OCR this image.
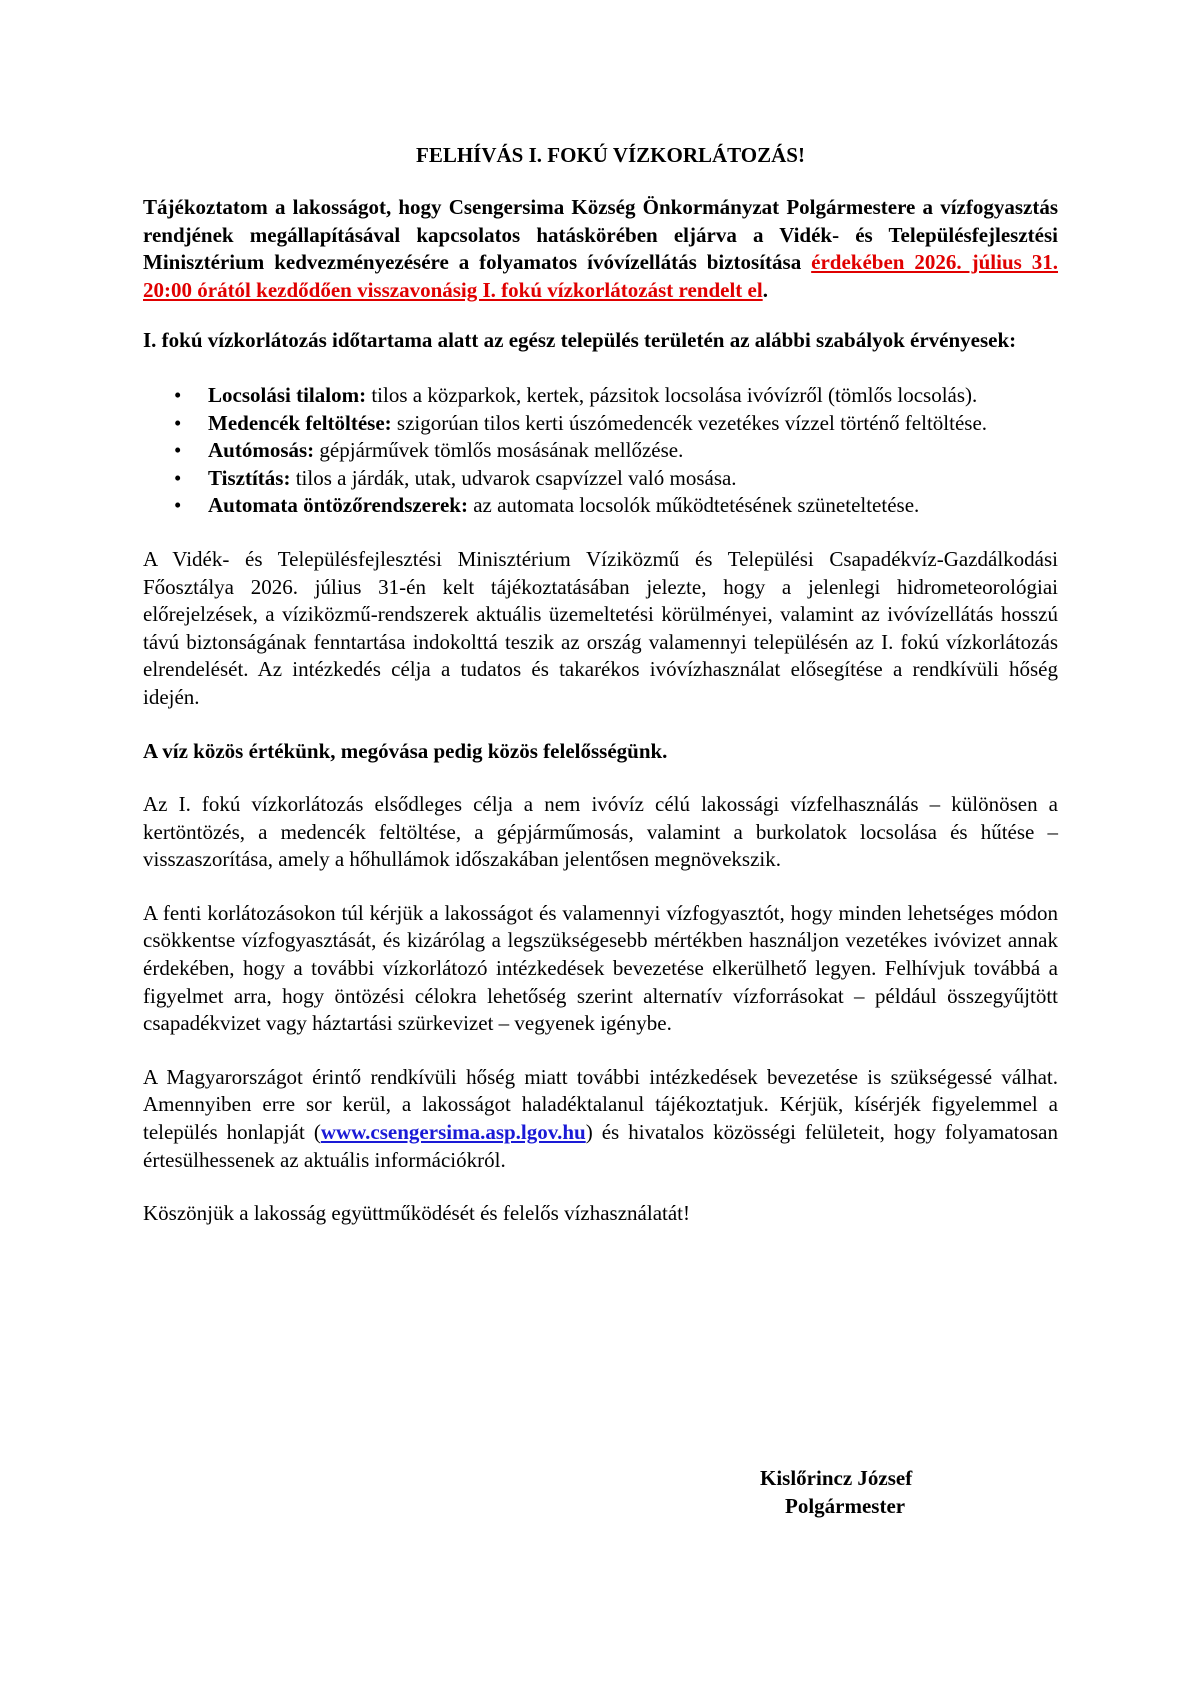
FELHÍVÁS I. FOKÚ VÍZKORLÁTOZÁS!

Tájékoztatom a lakosságot, hogy Csengersima Község Önkormányzat Polgármestere a vízfogyasztás rendjének megállapításával kapcsolatos hatáskörében eljárva a Vidék- és Településfejlesztési Minisztérium kedvezményezésére a folyamatos ívóvízellátás biztosítása érdekében 2026. július 31. 20:00 órától kezdődően visszavonásig I. fokú vízkorlátozást rendelt el.

I. fokú vízkorlátozás időtartama alatt az egész település területén az alábbi szabályok érvényesek:

• Locsolási tilalom: tilos a közparkok, kertek, pázsitok locsolása ivóvízről (tömlős locsolás).
• Medencék feltöltése: szigorúan tilos kerti úszómedencék vezetékes vízzel történő feltöltése.
• Autómosás: gépjárművek tömlős mosásának mellőzése.
• Tisztítás: tilos a járdák, utak, udvarok csapvízzel való mosása.
• Automata öntözőrendszerek: az automata locsolók működtetésének szüneteltetése.

A Vidék- és Településfejlesztési Minisztérium Víziközmű és Települési Csapadékvíz-Gazdálkodási Főosztálya 2026. július 31-én kelt tájékoztatásában jelezte, hogy a jelenlegi hidrometeorológiai előrejelzések, a víziközmű-rendszerek aktuális üzemeltetési körülményei, valamint az ivóvízellátás hosszú távú biztonságának fenntartása indokolttá teszik az ország valamennyi településén az I. fokú vízkorlátozás elrendelését. Az intézkedés célja a tudatos és takarékos ivóvízhasználat elősegítése a rendkívüli hőség idején.

A víz közös értékünk, megóvása pedig közös felelősségünk.

Az I. fokú vízkorlátozás elsődleges célja a nem ivóvíz célú lakossági vízfelhasználás – különösen a kertöntözés, a medencék feltöltése, a gépjárműmosás, valamint a burkolatok locsolása és hűtése – visszaszorítása, amely a hőhullámok időszakában jelentősen megnövekszik.

A fenti korlátozásokon túl kérjük a lakosságot és valamennyi vízfogyasztót, hogy minden lehetséges módon csökkentse vízfogyasztását, és kizárólag a legszükségesebb mértékben használjon vezetékes ivóvizet annak érdekében, hogy a további vízkorlátozó intézkedések bevezetése elkerülhető legyen. Felhívjuk továbbá a figyelmet arra, hogy öntözési célokra lehetőség szerint alternatív vízforrásokat – például összegyűjtött csapadékvizet vagy háztartási szürkevizet – vegyenek igénybe.

A Magyarországot érintő rendkívüli hőség miatt további intézkedések bevezetése is szükségessé válhat. Amennyiben erre sor kerül, a lakosságot haladéktalanul tájékoztatjuk. Kérjük, kísérjék figyelemmel a település honlapját (www.csengersima.asp.lgov.hu) és hivatalos közösségi felületeit, hogy folyamatosan értesülhessenek az aktuális információkról.

Köszönjük a lakosság együttműködését és felelős vízhasználatát!

Kislőrincz József
Polgármester
